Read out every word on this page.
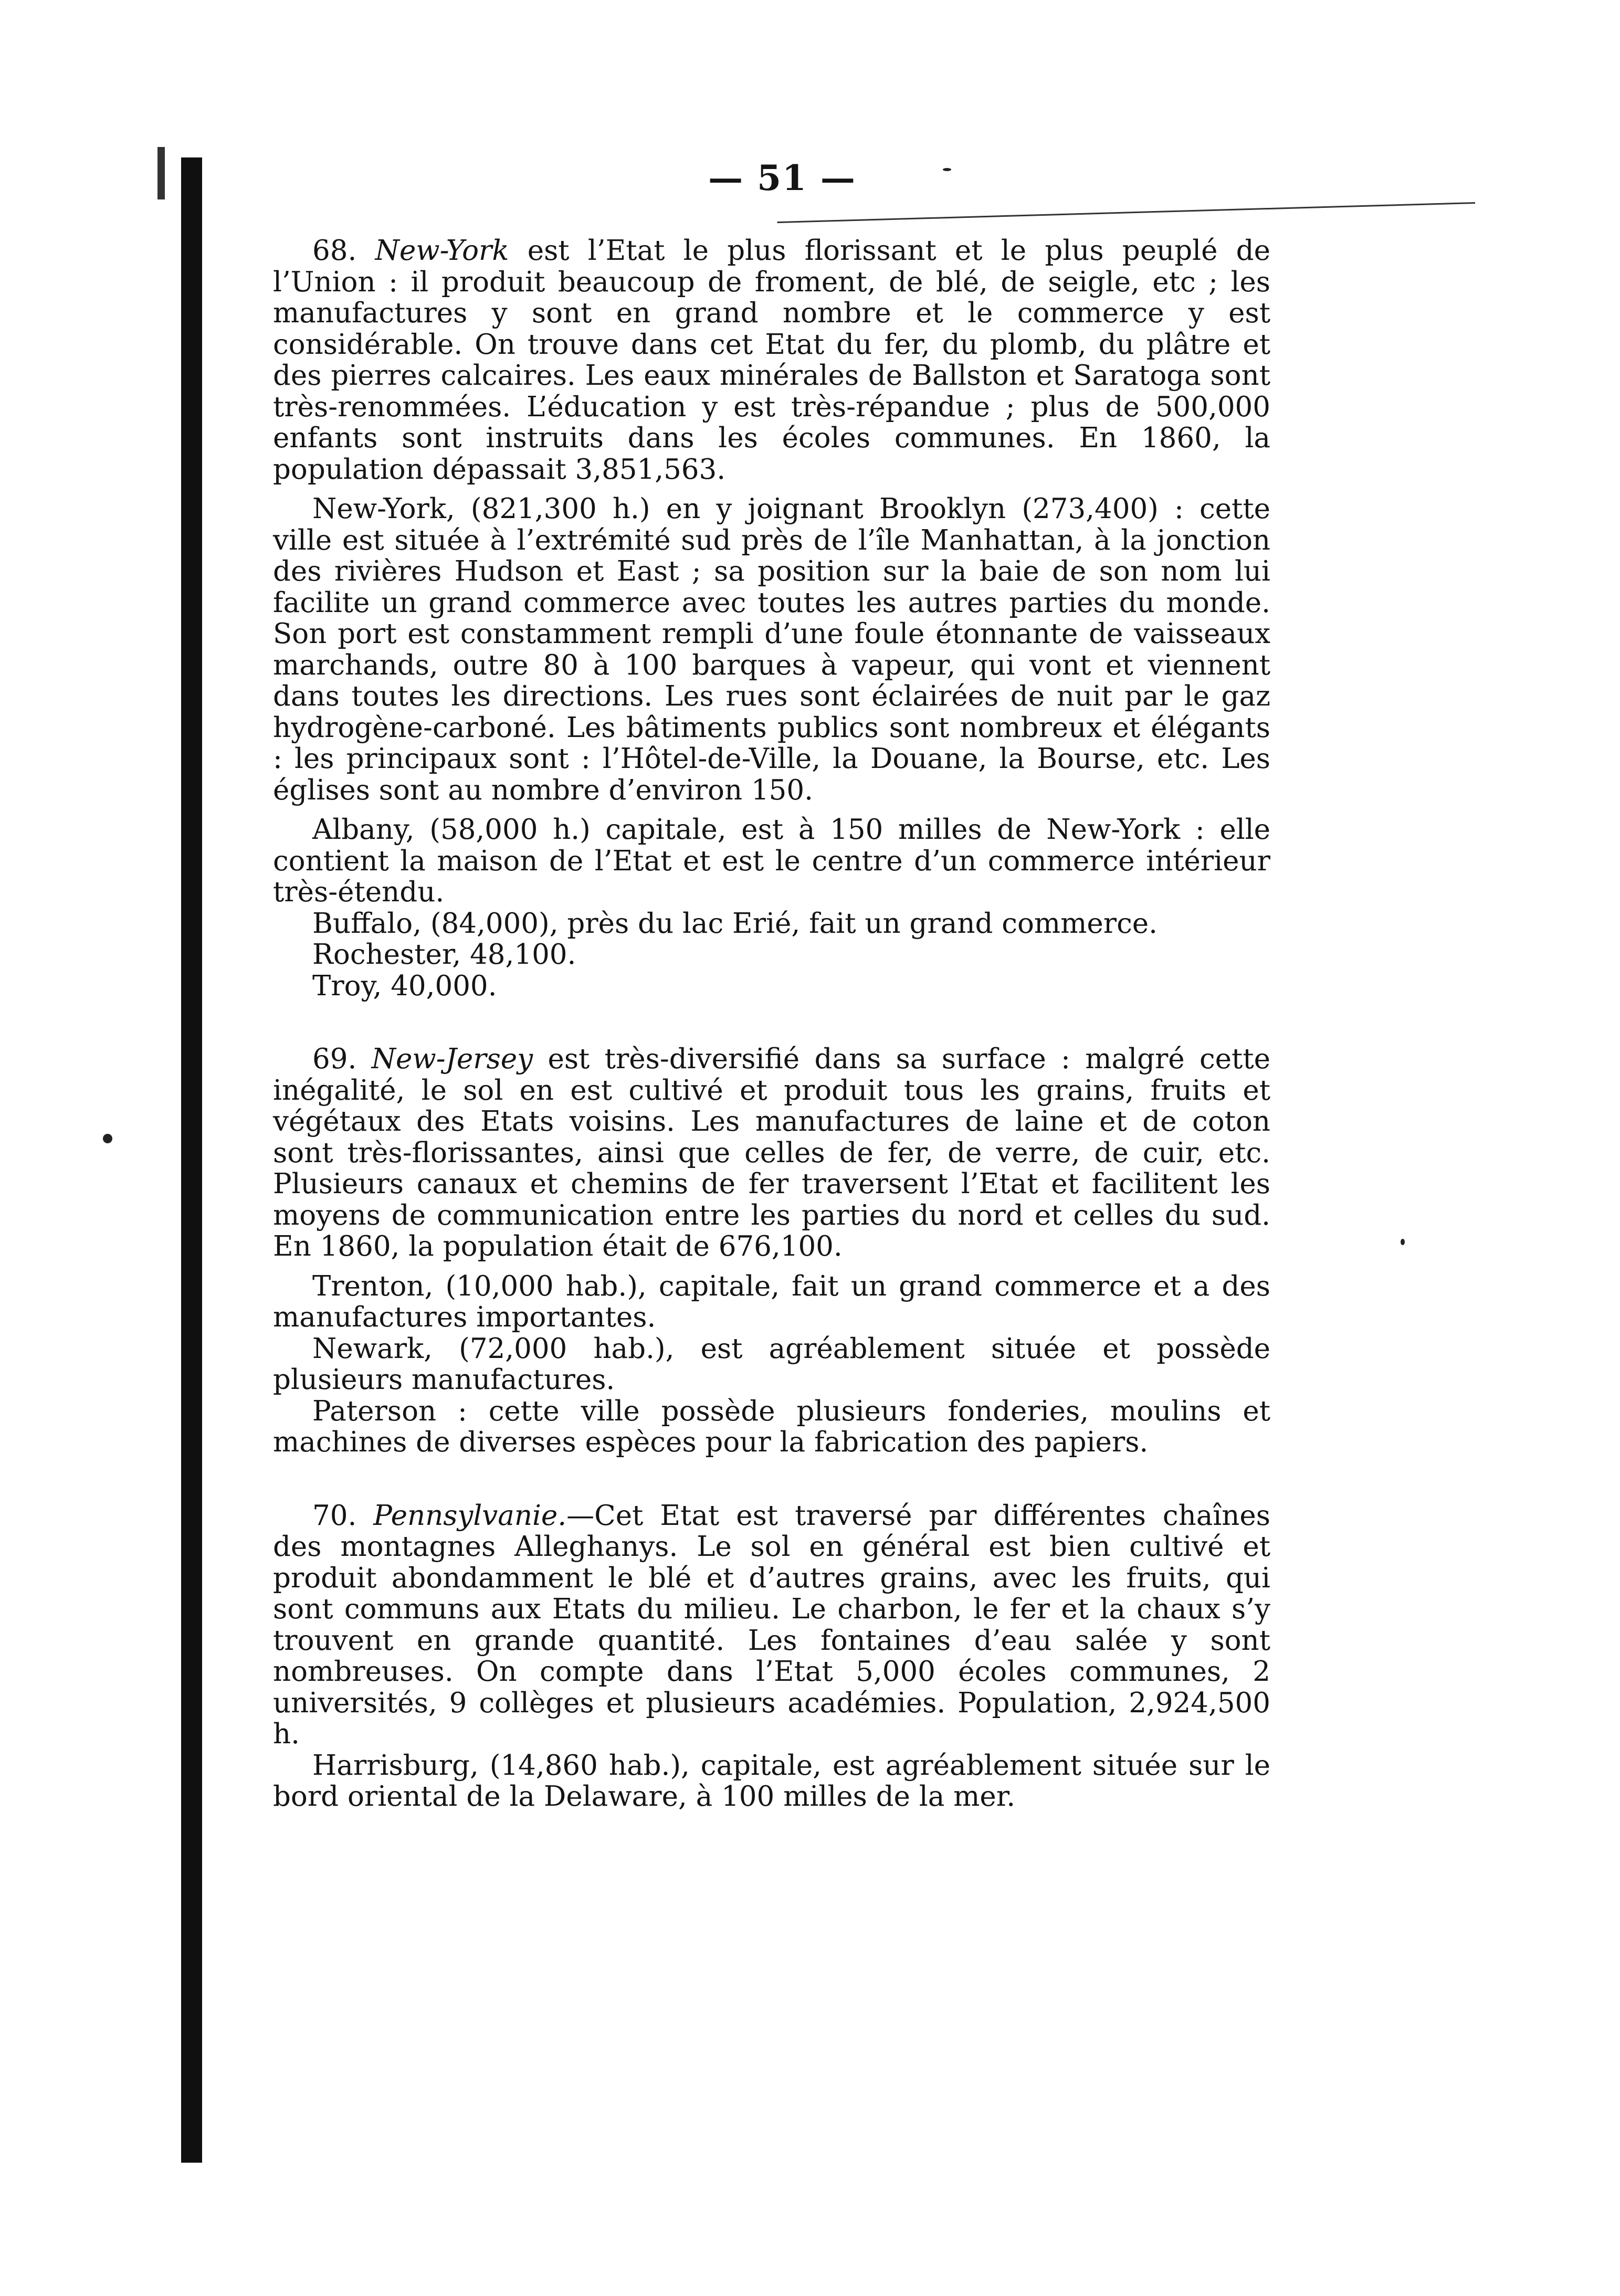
— 51 —

68. New-York est l’Etat le plus florissant et le plus peuplé de l’Union : il produit beaucoup de froment, de blé, de seigle, etc ; les manufactures y sont en grand nombre et le commerce y est considérable. On trouve dans cet Etat du fer, du plomb, du plâtre et des pierres calcaires. Les eaux minérales de Ballston et Saratoga sont très-renommées. L’éducation y est très-répandue ; plus de 500,000 enfants sont instruits dans les écoles communes. En 1860, la population dépassait 3,851,563.

New-York, (821,300 h.) en y joignant Brooklyn (273,400) : cette ville est située à l’extrémité sud près de l’île Manhattan, à la jonction des rivières Hudson et East ; sa position sur la baie de son nom lui facilite un grand commerce avec toutes les autres parties du monde. Son port est constamment rempli d’une foule étonnante de vaisseaux marchands, outre 80 à 100 barques à vapeur, qui vont et viennent dans toutes les directions. Les rues sont éclairées de nuit par le gaz hydrogène-carboné. Les bâtiments publics sont nombreux et élégants : les principaux sont : l’Hôtel-de-Ville, la Douane, la Bourse, etc. Les églises sont au nombre d’environ 150.

Albany, (58,000 h.) capitale, est à 150 milles de New-York : elle contient la maison de l’Etat et est le centre d’un commerce intérieur très-étendu.

Buffalo, (84,000), près du lac Erié, fait un grand commerce.

Rochester, 48,100.

Troy, 40,000.

69. New-Jersey est très-diversifié dans sa surface : malgré cette inégalité, le sol en est cultivé et produit tous les grains, fruits et végétaux des Etats voisins. Les manufactures de laine et de coton sont très-florissantes, ainsi que celles de fer, de verre, de cuir, etc. Plusieurs canaux et chemins de fer traversent l’Etat et facilitent les moyens de communication entre les parties du nord et celles du sud. En 1860, la population était de 676,100.

Trenton, (10,000 hab.), capitale, fait un grand commerce et a des manufactures importantes.

Newark, (72,000 hab.), est agréablement située et possède plusieurs manufactures.

Paterson : cette ville possède plusieurs fonderies, moulins et machines de diverses espèces pour la fabrication des papiers.

70. Pennsylvanie.—Cet Etat est traversé par différentes chaînes des montagnes Alleghanys. Le sol en général est bien cultivé et produit abondamment le blé et d’autres grains, avec les fruits, qui sont communs aux Etats du milieu. Le charbon, le fer et la chaux s’y trouvent en grande quantité. Les fontaines d’eau salée y sont nombreuses. On compte dans l’Etat 5,000 écoles communes, 2 universités, 9 collèges et plusieurs académies. Population, 2,924,500 h.

Harrisburg, (14,860 hab.), capitale, est agréablement située sur le bord oriental de la Delaware, à 100 milles de la mer.
